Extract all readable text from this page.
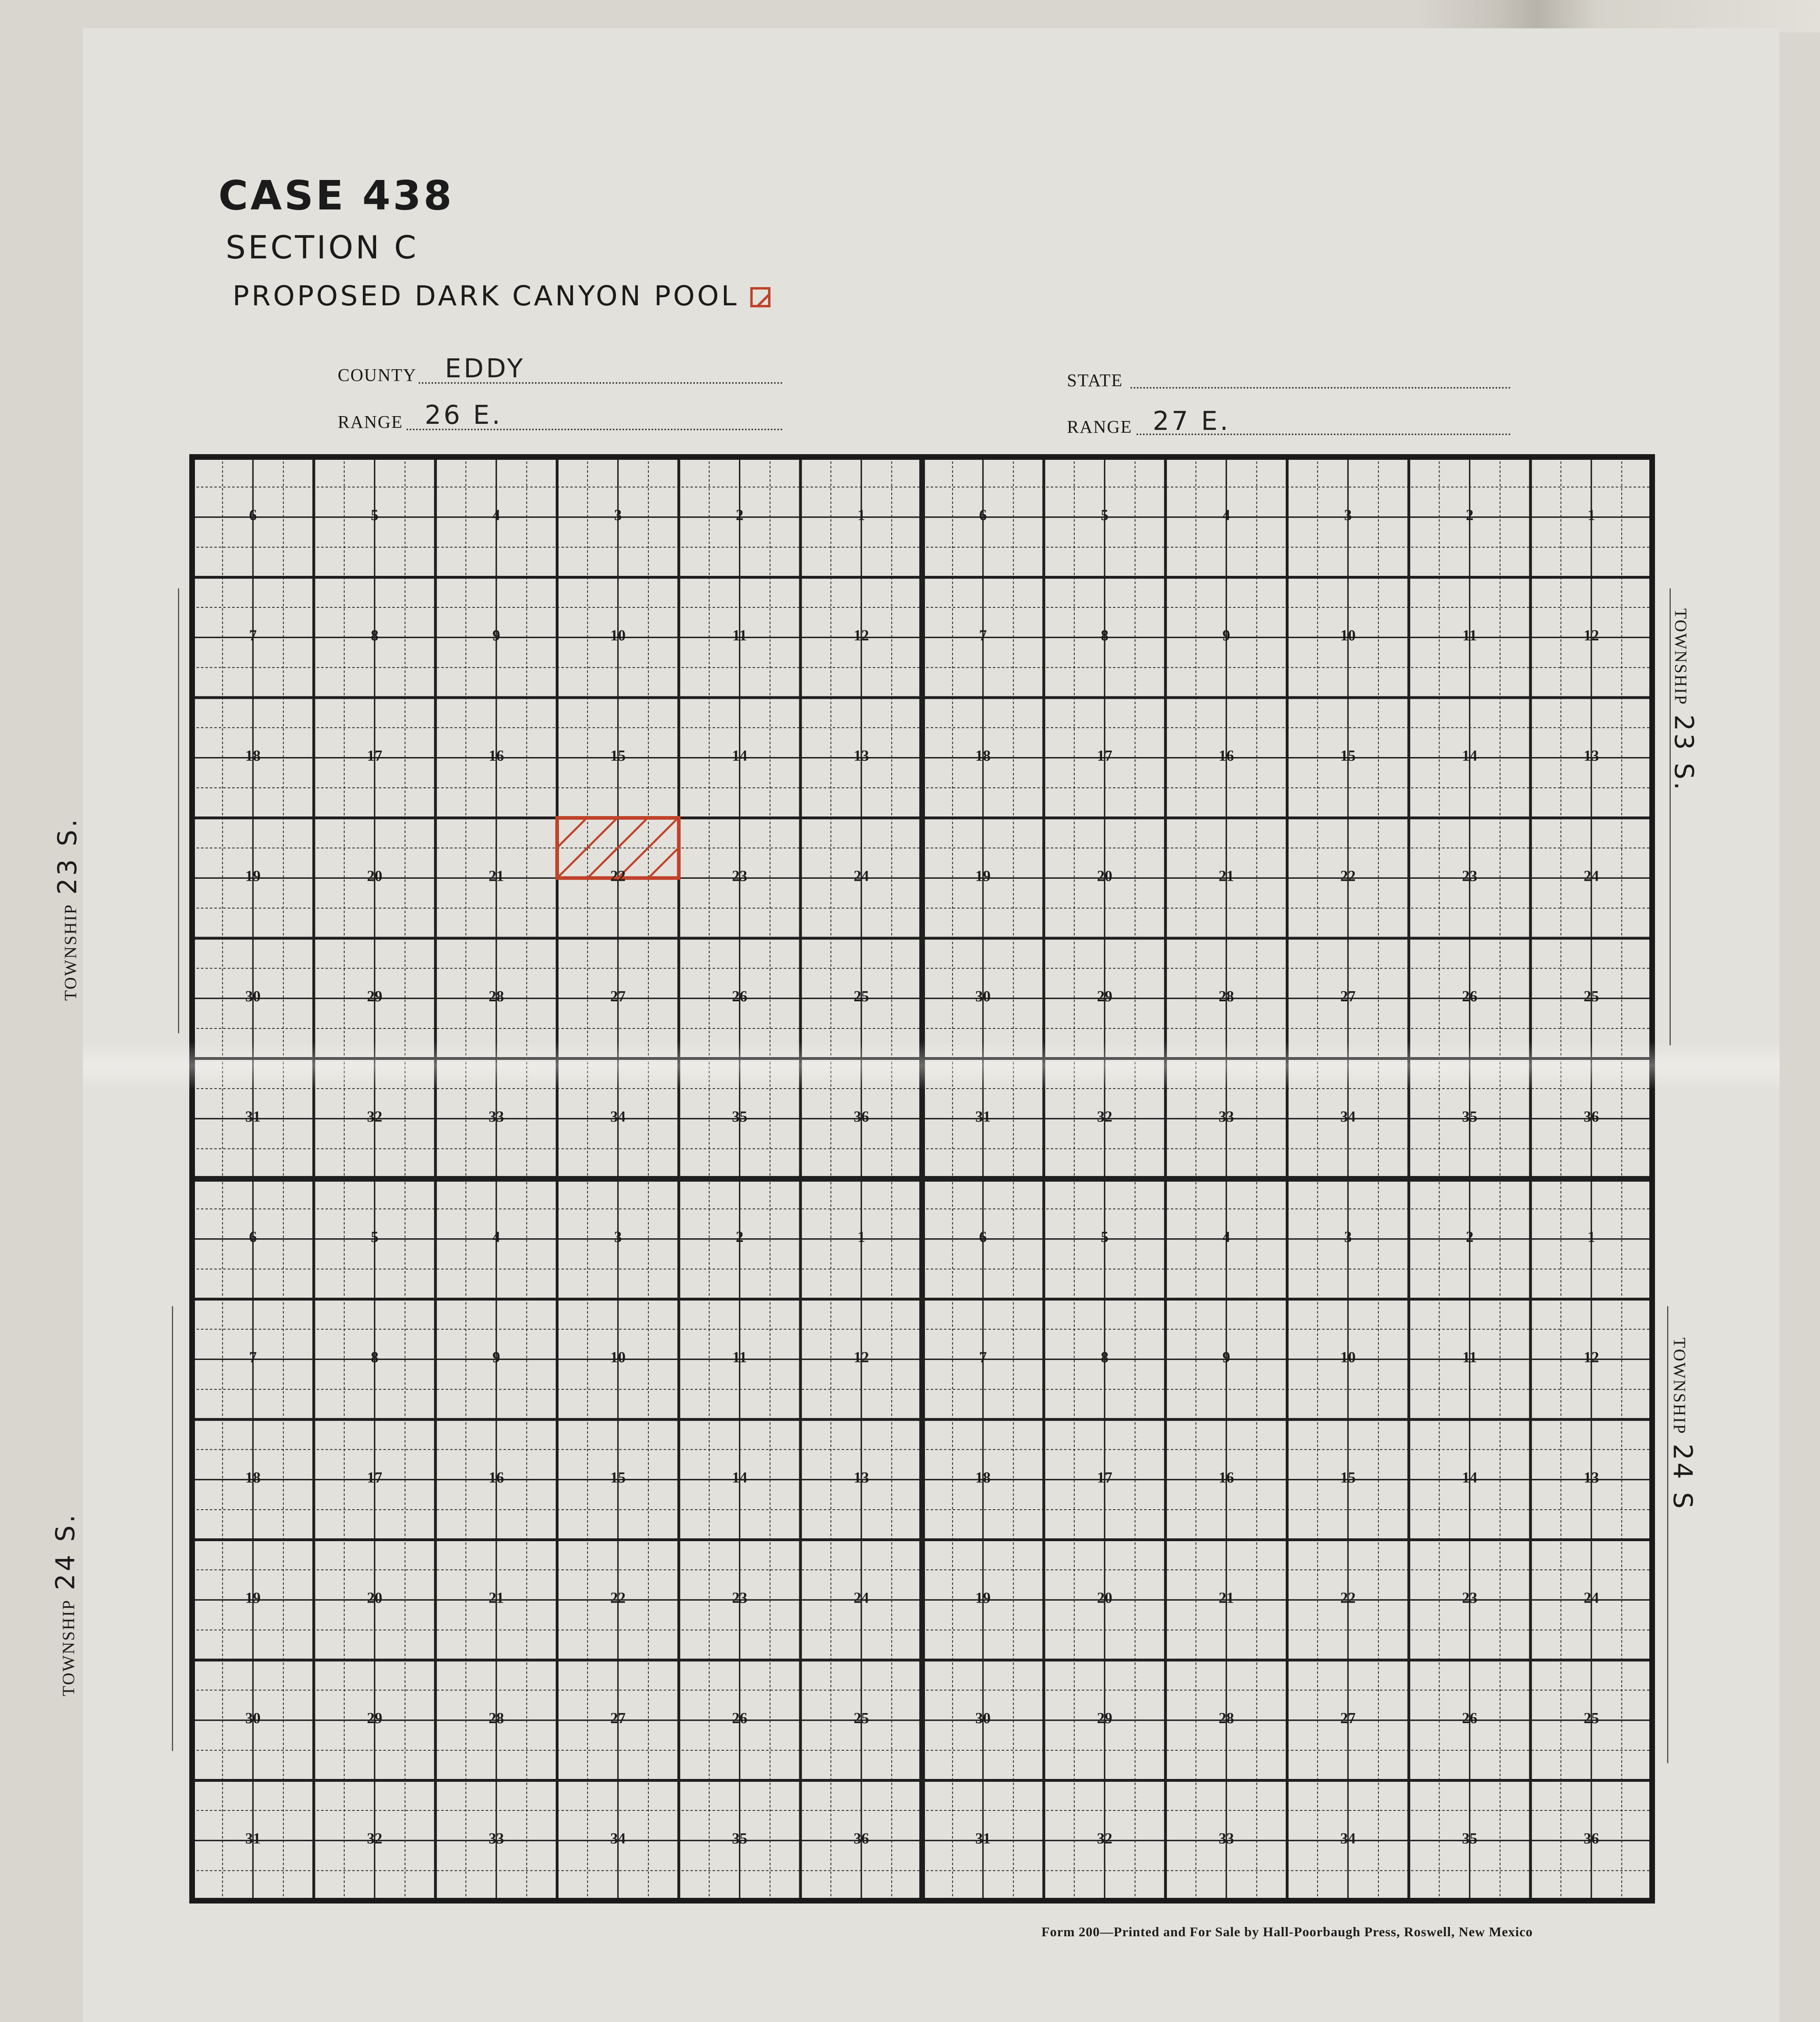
CASE 438
SECTION C
PROPOSED DARK CANYON POOL
COUNTY EDDY
RANGE 26 E.
STATE
RANGE 27 E.
6	5	4	3	2	1
7	8	9	10	11	12
18	17	16	15	14	13
19	20	21	22	23	24
30	29	28	27	26	25
31	32	33	34	35	36
6	5	4	3	2	1
7	8	9	10	11	12
18	17	16	15	14	13
19	20	21	22	23	24
30	29	28	27	26	25
31	32	33	34	35	36
6	5	4	3	2	1
7	8	9	10	11	12
18	17	16	15	14	13
19	20	21	22	23	24
30	29	28	27	26	25
31	32	33	34	35	36
6	5	4	3	2	1
7	8	9	10	11	12
18	17	16	15	14	13
19	20	21	22	23	24
30	29	28	27	26	25
31	32	33	34	35	36
TOWNSHIP23 S.
TOWNSHIP24 S.
TOWNSHIP23 S.
TOWNSHIP24 S
Form 200—Printed and For Sale by Hall-Poorbaugh Press, Roswell, New Mexico
